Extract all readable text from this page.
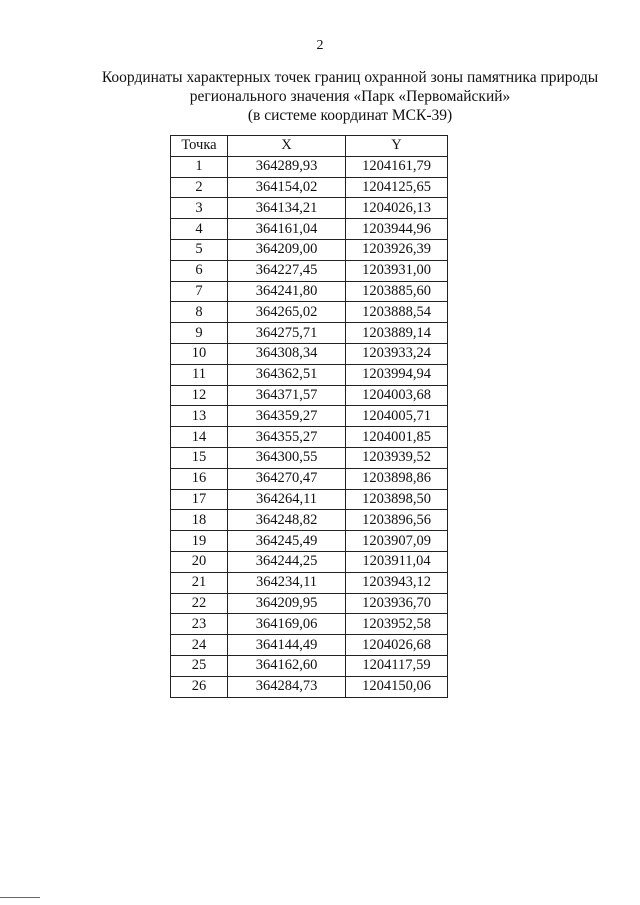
2
Координаты характерных точек границ охранной зоны памятника природы
регионального значения «Парк «Первомайский»
(в системе координат МСК-39)
Точка	X	Y
1	364289,93	1204161,79
2	364154,02	1204125,65
3	364134,21	1204026,13
4	364161,04	1203944,96
5	364209,00	1203926,39
6	364227,45	1203931,00
7	364241,80	1203885,60
8	364265,02	1203888,54
9	364275,71	1203889,14
10	364308,34	1203933,24
11	364362,51	1203994,94
12	364371,57	1204003,68
13	364359,27	1204005,71
14	364355,27	1204001,85
15	364300,55	1203939,52
16	364270,47	1203898,86
17	364264,11	1203898,50
18	364248,82	1203896,56
19	364245,49	1203907,09
20	364244,25	1203911,04
21	364234,11	1203943,12
22	364209,95	1203936,70
23	364169,06	1203952,58
24	364144,49	1204026,68
25	364162,60	1204117,59
26	364284,73	1204150,06
